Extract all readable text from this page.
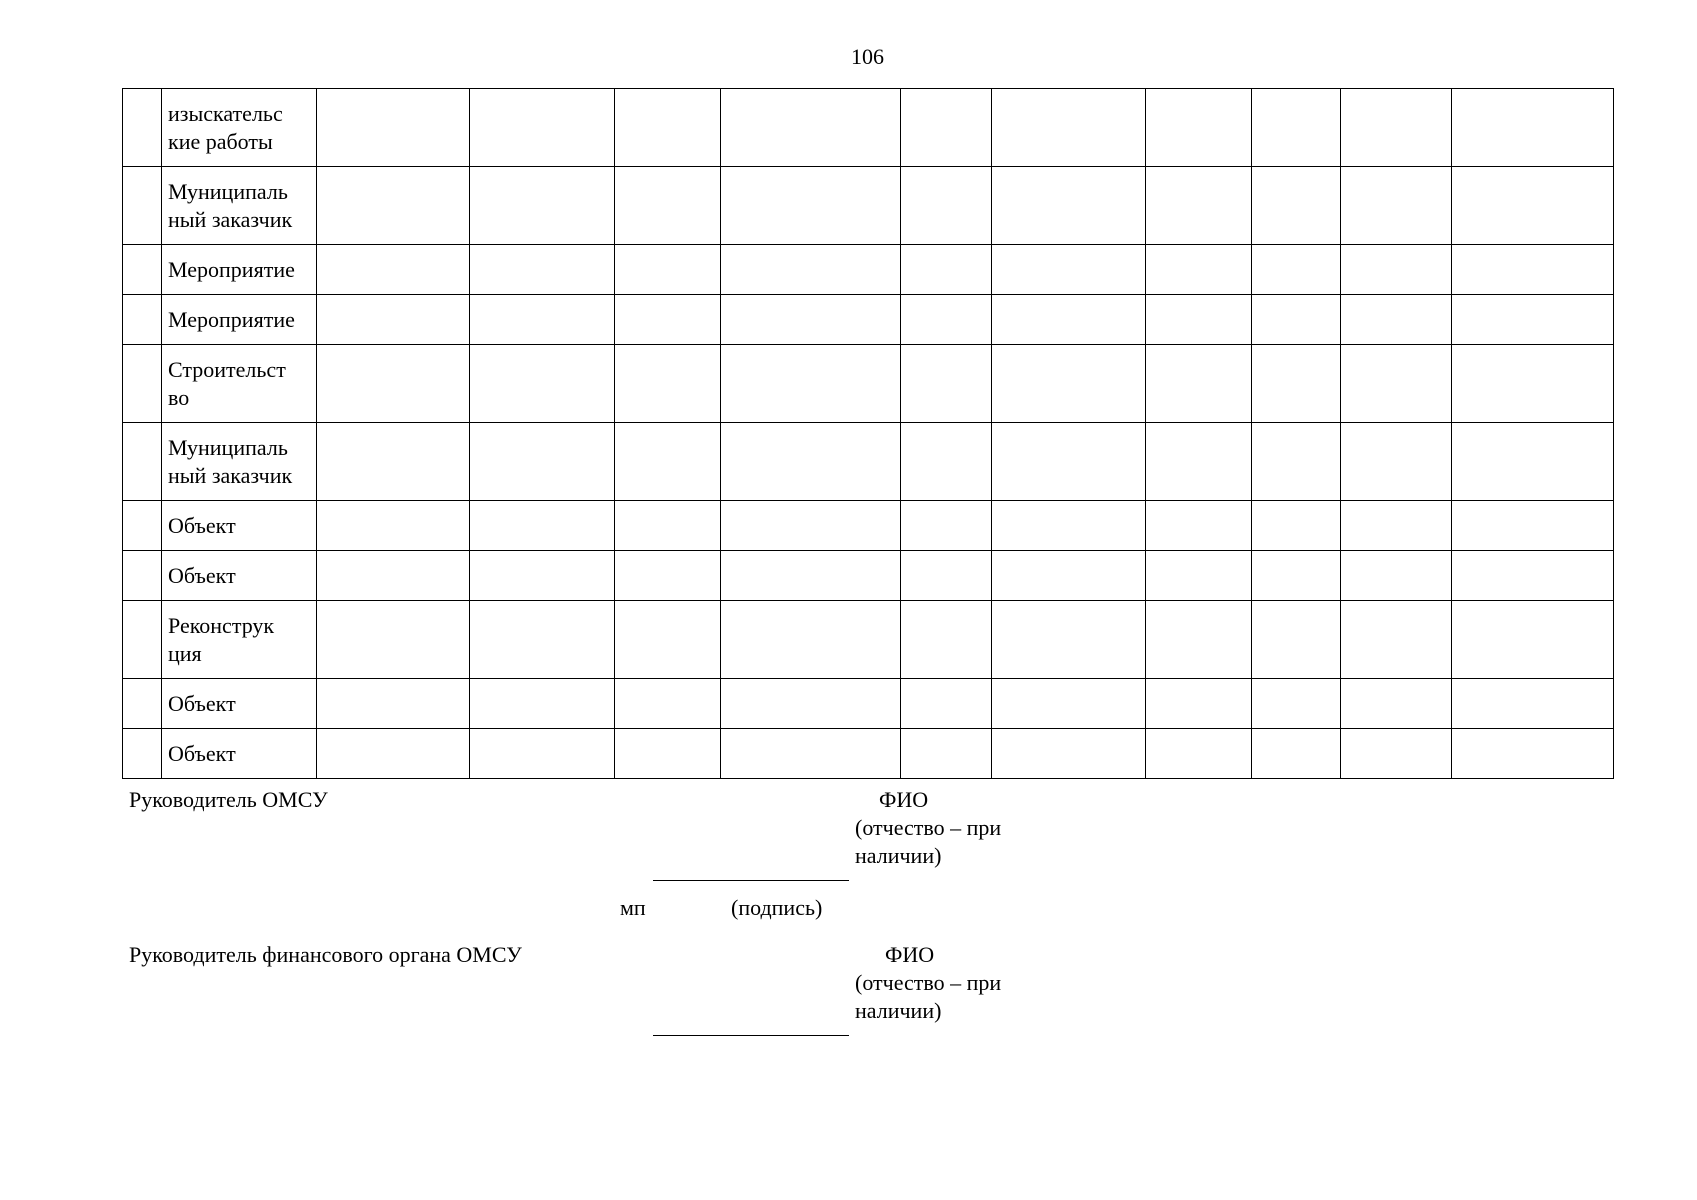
106
	изыскательс кие работы										
	Муниципаль ный заказчик										
	Мероприятие										
	Мероприятие										
	Строительст во										
	Муниципаль ный заказчик										
	Объект										
	Объект										
	Реконструк ция										
	Объект										
	Объект										
Руководитель ОМСУ	ФИО
(отчество – при наличии)
мп	(подпись)
Руководитель финансового органа ОМСУ	ФИО
(отчество – при наличии)
